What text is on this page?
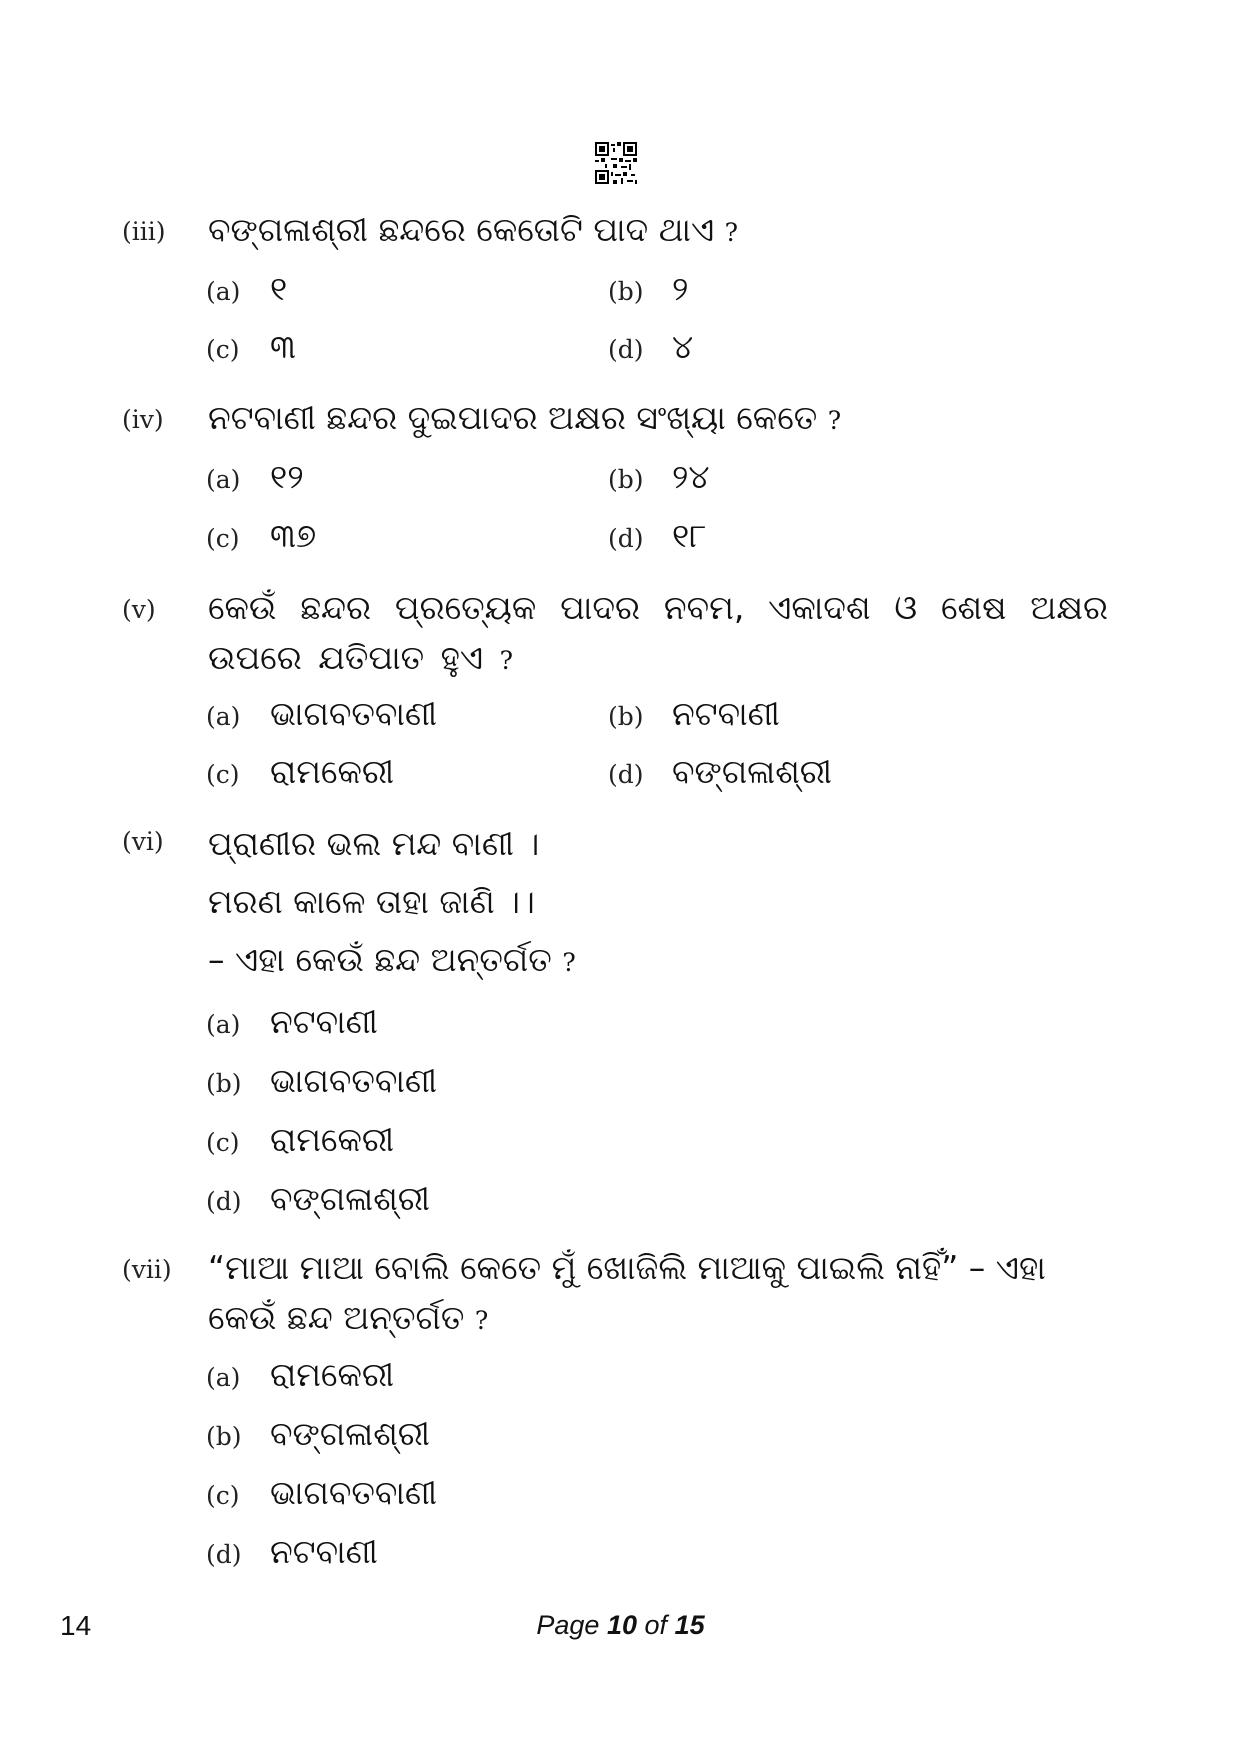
(iii) ବଙ୍ଗଳାଶ୍ରୀ ଛନ୍ଦରେ କେତୋଟି ପାଦ ଥାଏ ?
(a) ୧	(b) ୨
(c) ୩	(d) ୪
(iv) ନଟବାଣୀ ଛନ୍ଦର ଦୁଇପାଦର ଅକ୍ଷର ସଂଖ୍ୟା କେତେ ?
(a) ୧୨	(b) ୨୪
(c) ୩୭	(d) ୧୮
(v) କେଉଁ ଛନ୍ଦର ପ୍ରତ୍ୟେକ ପାଦର ନବମ, ଏକାଦଶ ଓ ଶେଷ ଅକ୍ଷର
ଉପରେ ଯତିପାତ ହୁଏ ?
(a) ଭାଗବତବାଣୀ	(b) ନଟବାଣୀ
(c) ରାମକେରୀ	(d) ବଙ୍ଗଳାଶ୍ରୀ
(vi) ପ୍ରାଣୀର ଭଲ ମନ୍ଦ ବାଣୀ ।
ମରଣ କାଳେ ତାହା ଜାଣି ।।
– ଏହା କେଉଁ ଛନ୍ଦ ଅନ୍ତର୍ଗତ ?
(a) ନଟବାଣୀ
(b) ଭାଗବତବାଣୀ
(c) ରାମକେରୀ
(d) ବଙ୍ଗଳାଶ୍ରୀ
(vii) “ମାଆ ମାଆ ବୋଲି କେତେ ମୁଁ ଖୋଜିଲି ମାଆକୁ ପାଇଲି ନାହିଁ” – ଏହା
କେଉଁ ଛନ୍ଦ ଅନ୍ତର୍ଗତ ?
(a) ରାମକେରୀ
(b) ବଙ୍ଗଳାଶ୍ରୀ
(c) ଭାଗବତବାଣୀ
(d) ନଟବାଣୀ
14	Page 10 of 15
